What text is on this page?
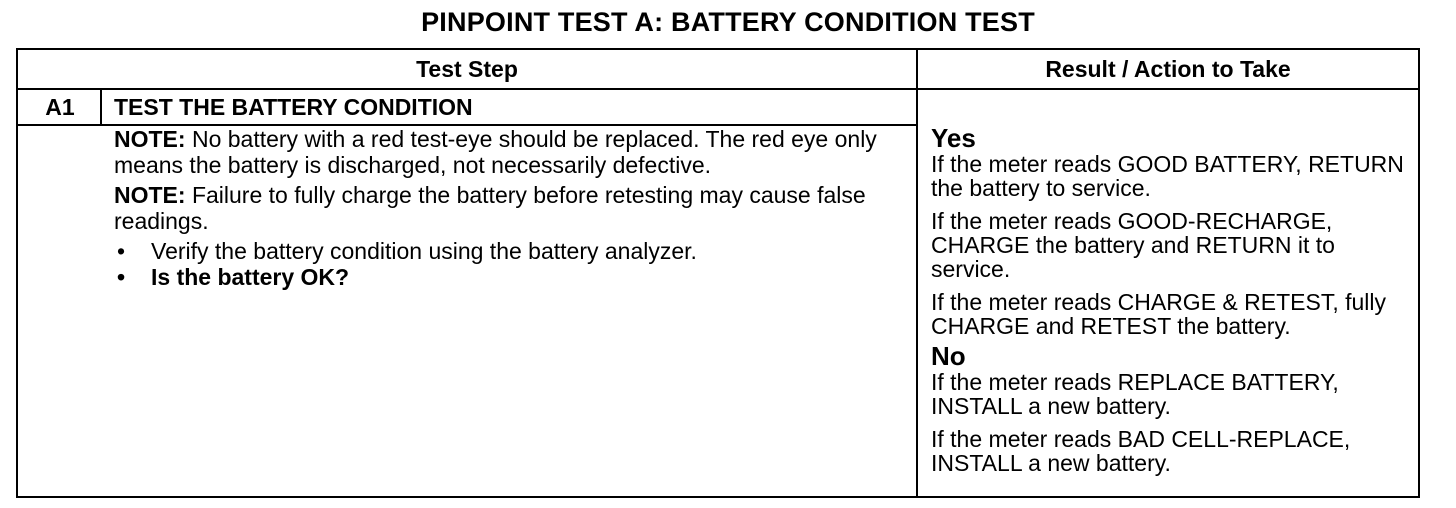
PINPOINT TEST A: BATTERY CONDITION TEST
Test Step	Result / Action to Take
A1	TEST THE BATTERY CONDITION

NOTE: No battery with a red test-eye should be replaced. The red eye only means the battery is discharged, not necessarily defective.

NOTE: Failure to fully charge the battery before retesting may cause false readings.

• Verify the battery condition using the battery analyzer.
• Is the battery OK?
Yes

If the meter reads GOOD BATTERY, RETURN the battery to service.

If the meter reads GOOD-RECHARGE, CHARGE the battery and RETURN it to service.

If the meter reads CHARGE & RETEST, fully CHARGE and RETEST the battery.

No

If the meter reads REPLACE BATTERY, INSTALL a new battery.

If the meter reads BAD CELL-REPLACE, INSTALL a new battery.
